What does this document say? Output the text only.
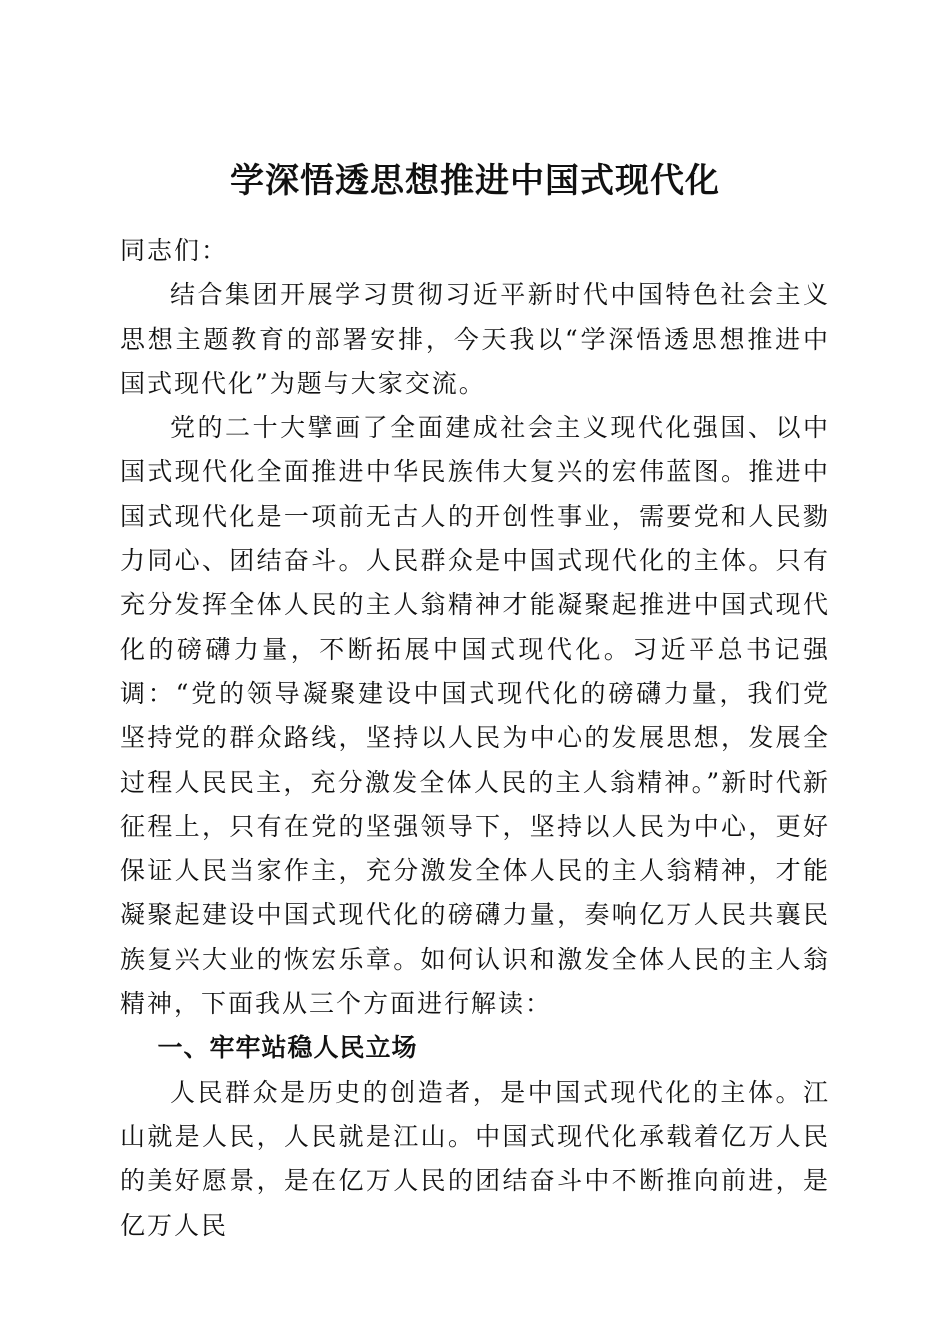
学深悟透思想推进中国式现代化

同志们：

结合集团开展学习贯彻习近平新时代中国特色社会主义思想主题教育的部署安排，今天我以“学深悟透思想推进中国式现代化”为题与大家交流。

党的二十大擘画了全面建成社会主义现代化强国、以中国式现代化全面推进中华民族伟大复兴的宏伟蓝图。推进中国式现代化是一项前无古人的开创性事业，需要党和人民勠力同心、团结奋斗。人民群众是中国式现代化的主体。只有充分发挥全体人民的主人翁精神才能凝聚起推进中国式现代化的磅礴力量，不断拓展中国式现代化。习近平总书记强调：“党的领导凝聚建设中国式现代化的磅礴力量，我们党坚持党的群众路线，坚持以人民为中心的发展思想，发展全过程人民民主，充分激发全体人民的主人翁精神。”新时代新征程上，只有在党的坚强领导下，坚持以人民为中心，更好保证人民当家作主，充分激发全体人民的主人翁精神，才能凝聚起建设中国式现代化的磅礴力量，奏响亿万人民共襄民族复兴大业的恢宏乐章。如何认识和激发全体人民的主人翁精神，下面我从三个方面进行解读：

一、牢牢站稳人民立场

人民群众是历史的创造者，是中国式现代化的主体。江山就是人民，人民就是江山。中国式现代化承载着亿万人民的美好愿景，是在亿万人民的团结奋斗中不断推向前进，是亿万人民
